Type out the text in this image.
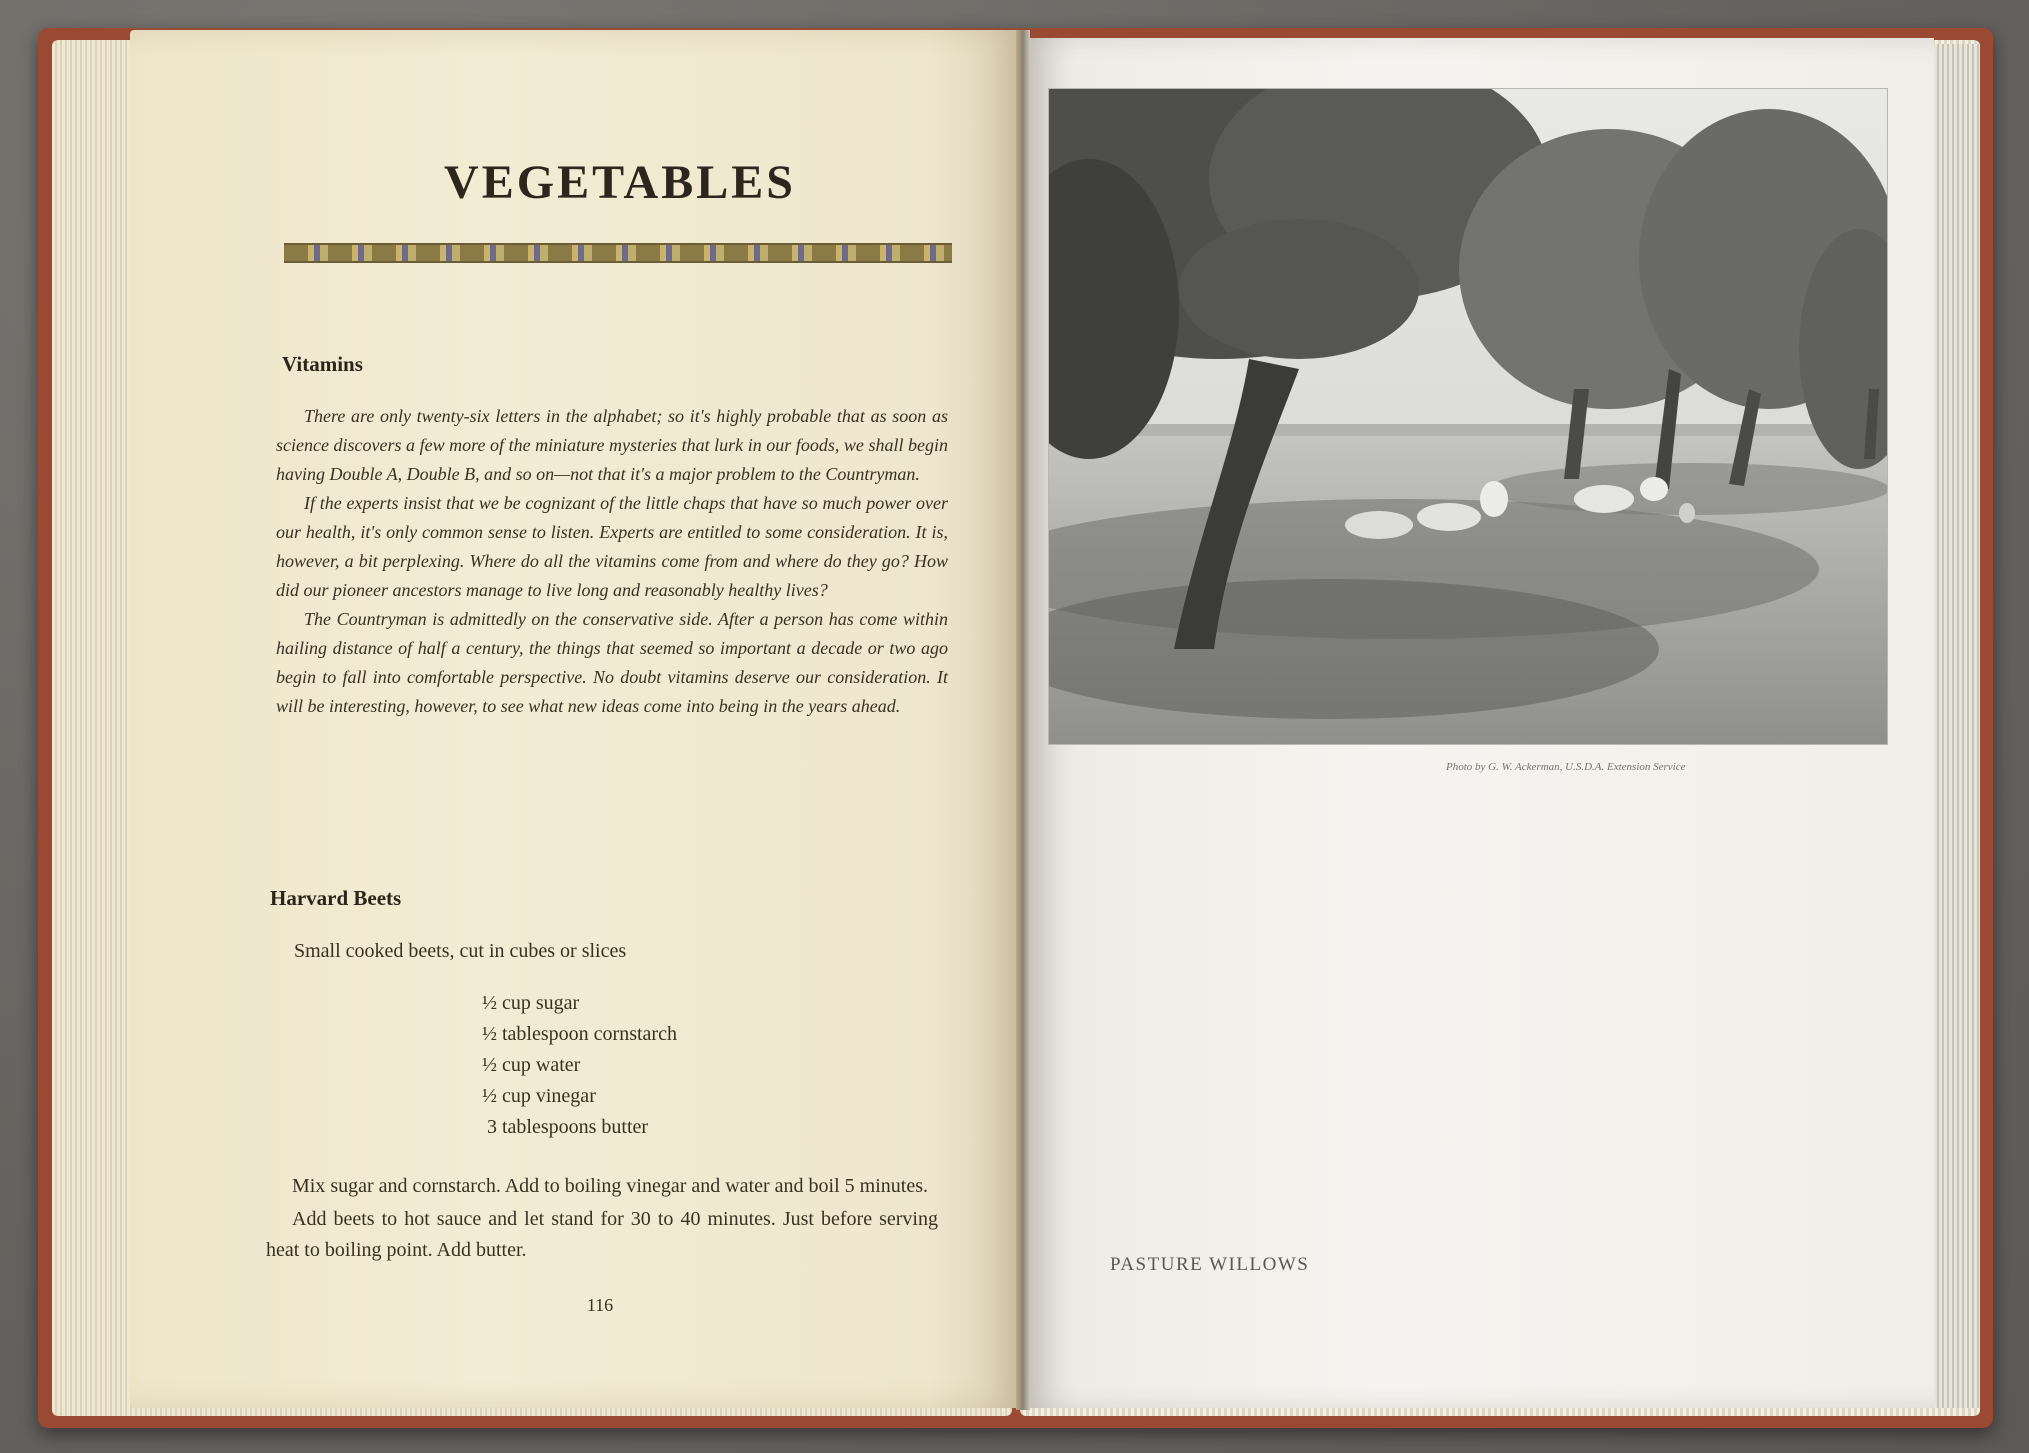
VEGETABLES
Vitamins

There are only twenty-six letters in the alphabet; so it's highly probable that as soon as science discovers a few more of the miniature mysteries that lurk in our foods, we shall begin having Double A, Double B, and so on—not that it's a major problem to the Countryman.

If the experts insist that we be cognizant of the little chaps that have so much power over our health, it's only common sense to listen. Experts are entitled to some consideration. It is, however, a bit perplexing. Where do all the vitamins come from and where do they go? How did our pioneer ancestors manage to live long and reasonably healthy lives?

The Countryman is admittedly on the conservative side. After a person has come within hailing distance of half a century, the things that seemed so important a decade or two ago begin to fall into comfortable perspective. No doubt vitamins deserve our consideration. It will be interesting, however, to see what new ideas come into being in the years ahead.

Harvard Beets
Small cooked beets, cut in cubes or slices
½ cup sugar
½ tablespoon cornstarch
½ cup water
½ cup vinegar
3 tablespoons butter

Mix sugar and cornstarch. Add to boiling vinegar and water and boil 5 minutes.

Add beets to hot sauce and let stand for 30 to 40 minutes. Just before serving heat to boiling point. Add butter.

116
Photo by G. W. Ackerman, U.S.D.A. Extension Service
PASTURE WILLOWS
